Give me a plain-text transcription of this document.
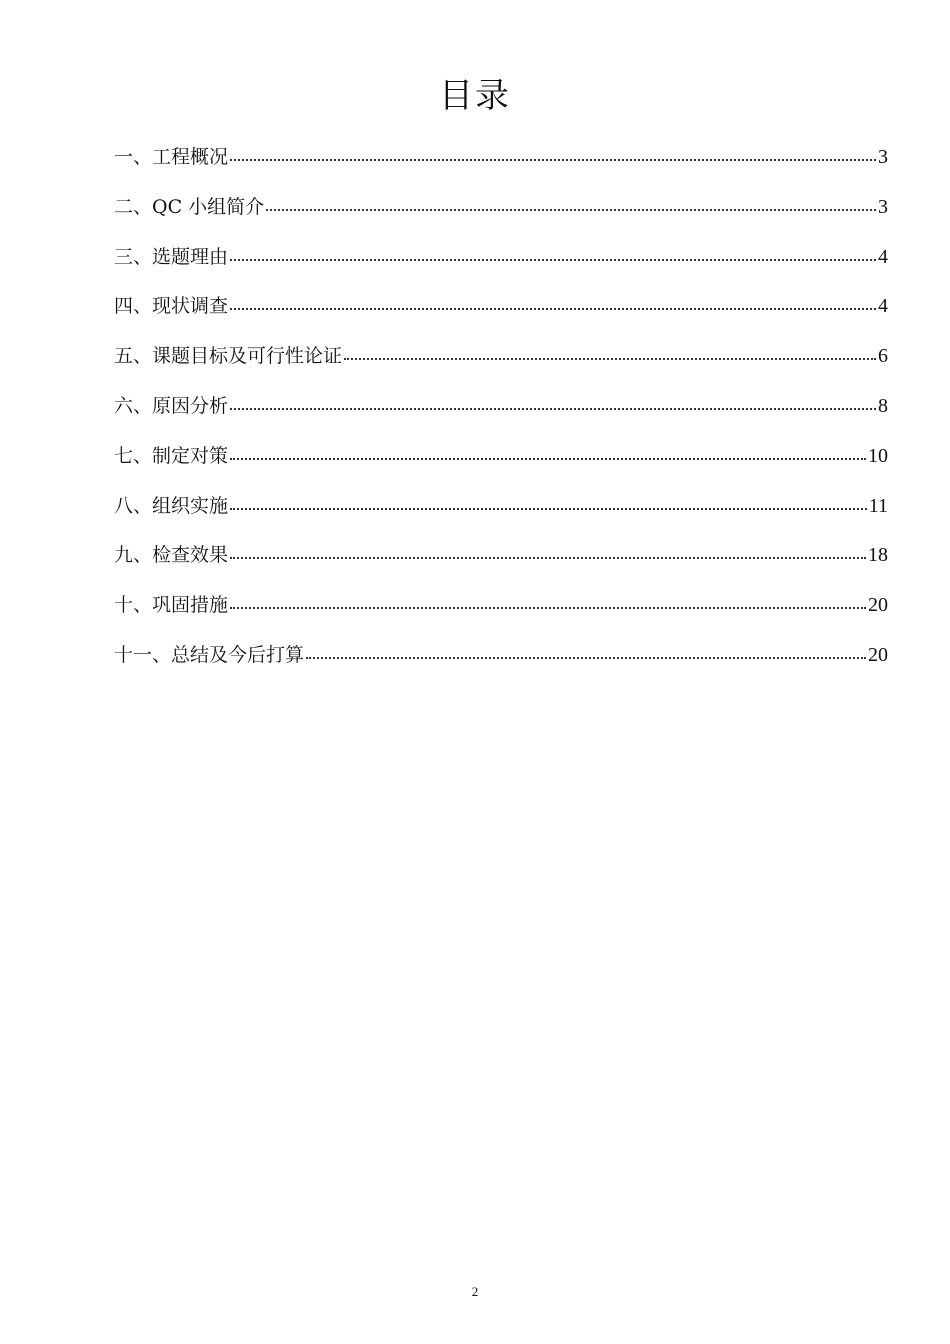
目录
一、工程概况	3
二、QC 小组简介	3
三、选题理由	4
四、现状调查	4
五、课题目标及可行性论证	6
六、原因分析	8
七、制定对策	10
八、组织实施	11
九、检查效果	18
十、巩固措施	20
十一、总结及今后打算	20
2
